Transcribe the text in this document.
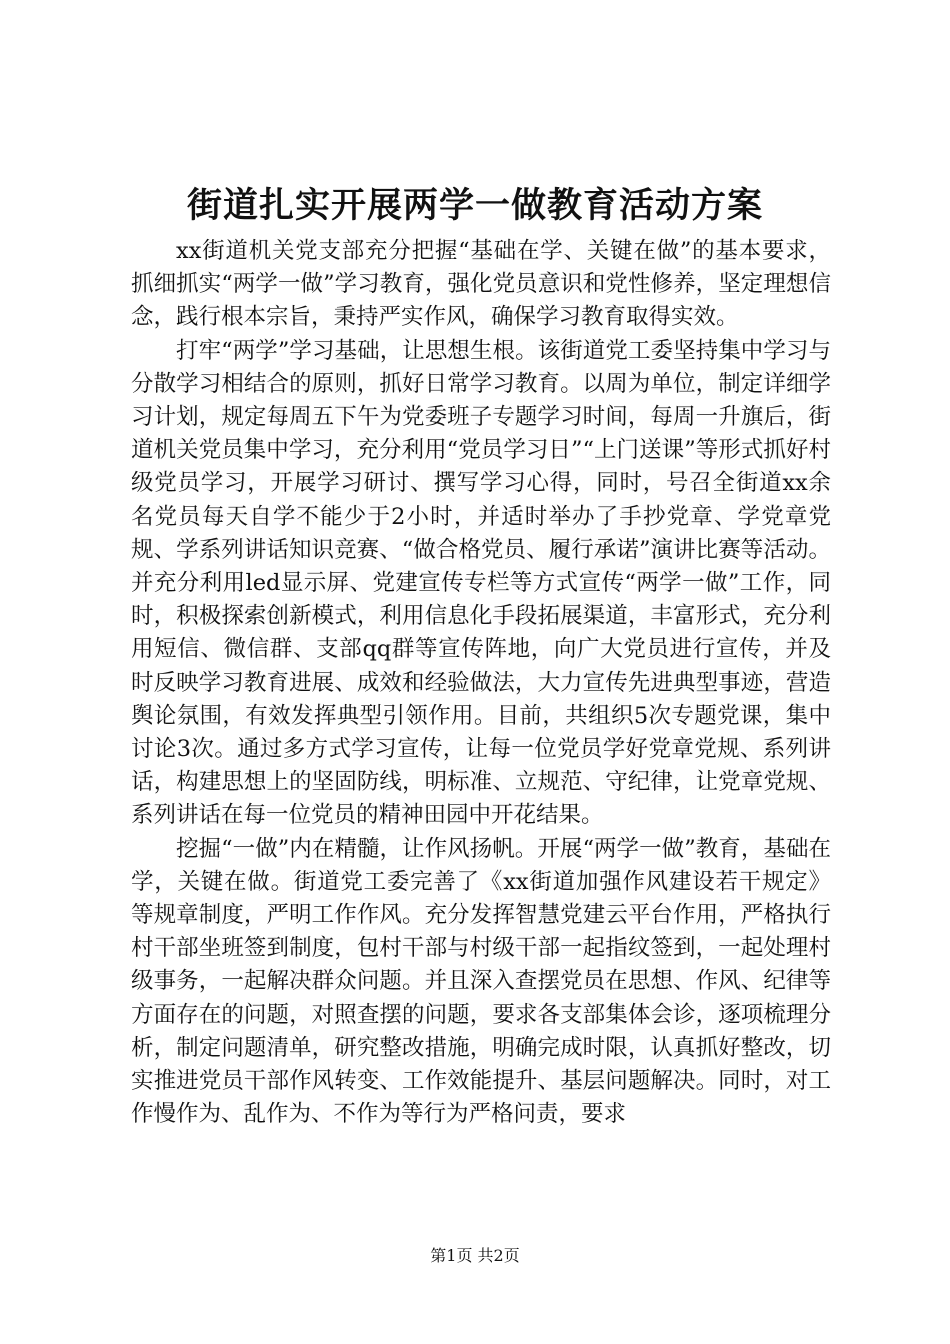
街道扎实开展两学一做教育活动方案

xx街道机关党支部充分把握“基础在学、关键在做”的基本要求，抓细抓实“两学一做”学习教育，强化党员意识和党性修养，坚定理想信念，践行根本宗旨，秉持严实作风，确保学习教育取得实效。

打牢“两学”学习基础，让思想生根。该街道党工委坚持集中学习与分散学习相结合的原则，抓好日常学习教育。以周为单位，制定详细学习计划，规定每周五下午为党委班子专题学习时间，每周一升旗后，街道机关党员集中学习，充分利用“党员学习日”“上门送课”等形式抓好村级党员学习，开展学习研讨、撰写学习心得，同时，号召全街道xx余名党员每天自学不能少于2小时，并适时举办了手抄党章、学党章党规、学系列讲话知识竞赛、“做合格党员、履行承诺”演讲比赛等活动。并充分利用led显示屏、党建宣传专栏等方式宣传“两学一做”工作，同时，积极探索创新模式，利用信息化手段拓展渠道，丰富形式，充分利用短信、微信群、支部qq群等宣传阵地，向广大党员进行宣传，并及时反映学习教育进展、成效和经验做法，大力宣传先进典型事迹，营造舆论氛围，有效发挥典型引领作用。目前，共组织5次专题党课，集中讨论3次。通过多方式学习宣传，让每一位党员学好党章党规、系列讲话，构建思想上的坚固防线，明标准、立规范、守纪律，让党章党规、系列讲话在每一位党员的精神田园中开花结果。

挖掘“一做”内在精髓，让作风扬帆。开展“两学一做”教育，基础在学，关键在做。街道党工委完善了《xx街道加强作风建设若干规定》等规章制度，严明工作作风。充分发挥智慧党建云平台作用，严格执行村干部坐班签到制度，包村干部与村级干部一起指纹签到，一起处理村级事务，一起解决群众问题。并且深入查摆党员在思想、作风、纪律等方面存在的问题，对照查摆的问题，要求各支部集体会诊，逐项梳理分析，制定问题清单，研究整改措施，明确完成时限，认真抓好整改，切实推进党员干部作风转变、工作效能提升、基层问题解决。同时，对工作慢作为、乱作为、不作为等行为严格问责，要求

第1页 共2页
